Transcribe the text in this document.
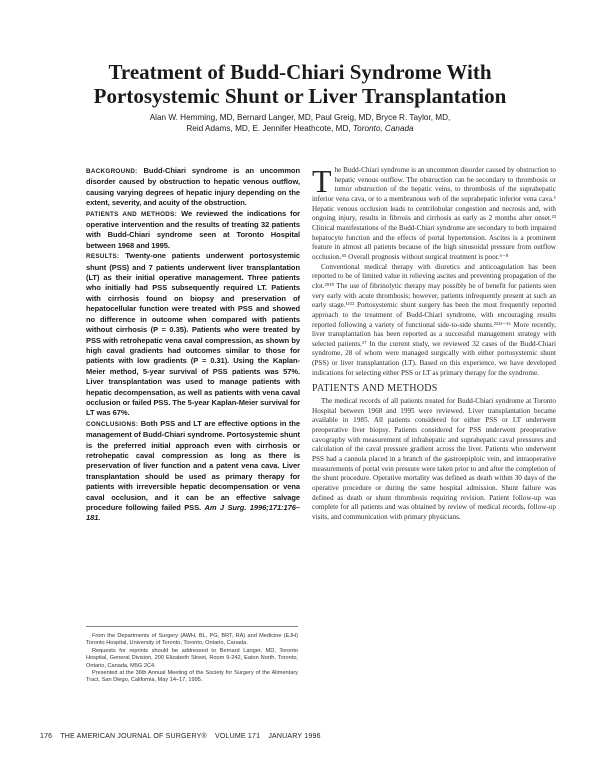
Treatment of Budd-Chiari Syndrome With
Portosystemic Shunt or Liver Transplantation
Alan W. Hemming, MD, Bernard Langer, MD, Paul Greig, MD, Bryce R. Taylor, MD,
Reid Adams, MD, E. Jennifer Heathcote, MD, Toronto, Canada

BACKGROUND: Budd-Chiari syndrome is an uncommon disorder caused by obstruction to hepatic venous outflow, causing varying degrees of hepatic injury depending on the extent, severity, and acuity of the obstruction.

PATIENTS AND METHODS: We reviewed the indications for operative intervention and the results of treating 32 patients with Budd-Chiari syndrome seen at Toronto Hospital between 1968 and 1995.

RESULTS: Twenty-one patients underwent portosystemic shunt (PSS) and 7 patients underwent liver transplantation (LT) as their initial operative management. Three patients who initially had PSS subsequently required LT. Patients with cirrhosis found on biopsy and preservation of hepatocellular function were treated with PSS and showed no difference in outcome when compared with patients without cirrhosis (P = 0.35). Patients who were treated by PSS with retrohepatic vena caval compression, as shown by high caval gradients had outcomes similar to those for patients with low gradients (P = 0.31). Using the Kaplan-Meier method, 5-year survival of PSS patients was 57%. Liver transplantation was used to manage patients with hepatic decompensation, as well as patients with vena caval occlusion or failed PSS. The 5-year Kaplan-Meier survival for LT was 67%.

CONCLUSIONS: Both PSS and LT are effective options in the management of Budd-Chiari syndrome. Portosystemic shunt is the preferred initial approach even with cirrhosis or retrohepatic caval compression as long as there is preservation of liver function and a patent vena cava. Liver transplantation should be used as primary therapy for patients with irreversible hepatic decompensation or vena caval occlusion, and it can be an effective salvage procedure following failed PSS. Am J Surg. 1996;171:176–181.

From the Departments of Surgery (AWH, BL, PG, BRT, RA) and Medicine (EJH) Toronto Hospital, University of Toronto, Toronto, Ontario, Canada.

Requests for reprints should be addressed to Bernard Langer, MD, Toronto Hospital, General Division, 200 Elizabeth Street, Room 9-242, Eaton North, Toronto, Ontario, Canada, M5G 2C4.

Presented at the 36th Annual Meeting of the Society for Surgery of the Alimentary Tract, San Diego, California, May 14–17, 1995.

The Budd-Chiari syndrome is an uncommon disorder caused by obstruction to hepatic venous outflow. The obstruction can be secondary to thrombosis or tumor obstruction of the hepatic veins, to thrombosis of the suprahepatic inferior vena cava, or to a membranous web of the suprahepatic inferior vena cava.¹ Hepatic venous occlusion leads to centrilobular congestion and necrosis and, with ongoing injury, results in fibrosis and cirrhosis as early as 2 months after onset.²³ Clinical manifestations of the Budd-Chiari syndrome are secondary to both impaired hepatocyte function and the effects of portal hypertension. Ascites is a prominent feature in almost all patients because of the high sinusoidal pressure from outflow occlusion.⁴⁵ Overall prognosis without surgical treatment is poor.⁶⁻⁸

Conventional medical therapy with diuretics and anticoagulation has been reported to be of limited value in relieving ascites and preventing propagation of the clot.²⁹¹⁰ The use of fibrinolytic therapy may possibly be of benefit for patients seen very early with acute thrombosis; however, patients infrequently present at such an early stage.¹¹¹² Portosystemic shunt surgery has been the most frequently reported approach to the treatment of Budd-Chiari syndrome, with encouraging results reported following a variety of functional side-to-side shunts.²³¹³⁻¹⁶ More recently, liver transplantation has been reported as a successful management strategy with selected patients.¹⁷ In the current study, we reviewed 32 cases of the Budd-Chiari syndrome, 28 of whom were managed surgically with either portosystemic shunt (PSS) or liver transplantation (LT). Based on this experience, we have developed indications for selecting either PSS or LT as primary therapy for the syndrome.

PATIENTS AND METHODS

The medical records of all patients treated for Budd-Chiari syndrome at Toronto Hospital between 1968 and 1995 were reviewed. Liver transplantation became available in 1985. All patients considered for either PSS or LT underwent preoperative liver biopsy. Patients considered for PSS underwent preoperative cavography with measurement of infrahepatic and suprahepatic caval pressures and calculation of the caval pressure gradient across the liver. Patients who underwent PSS had a cannula placed in a branch of the gastroepiploic vein, and intraoperative measurements of portal vein pressure were taken prior to and after the completion of the shunt procedure. Operative mortality was defined as death within 30 days of the operative procedure or during the same hospital admission. Shunt failure was defined as death or shunt thrombosis requiring revision. Patient follow-up was complete for all patients and was obtained by review of medical records, follow-up visits, and communication with primary physicians.

176 THE AMERICAN JOURNAL OF SURGERY® VOLUME 171 JANUARY 1996
